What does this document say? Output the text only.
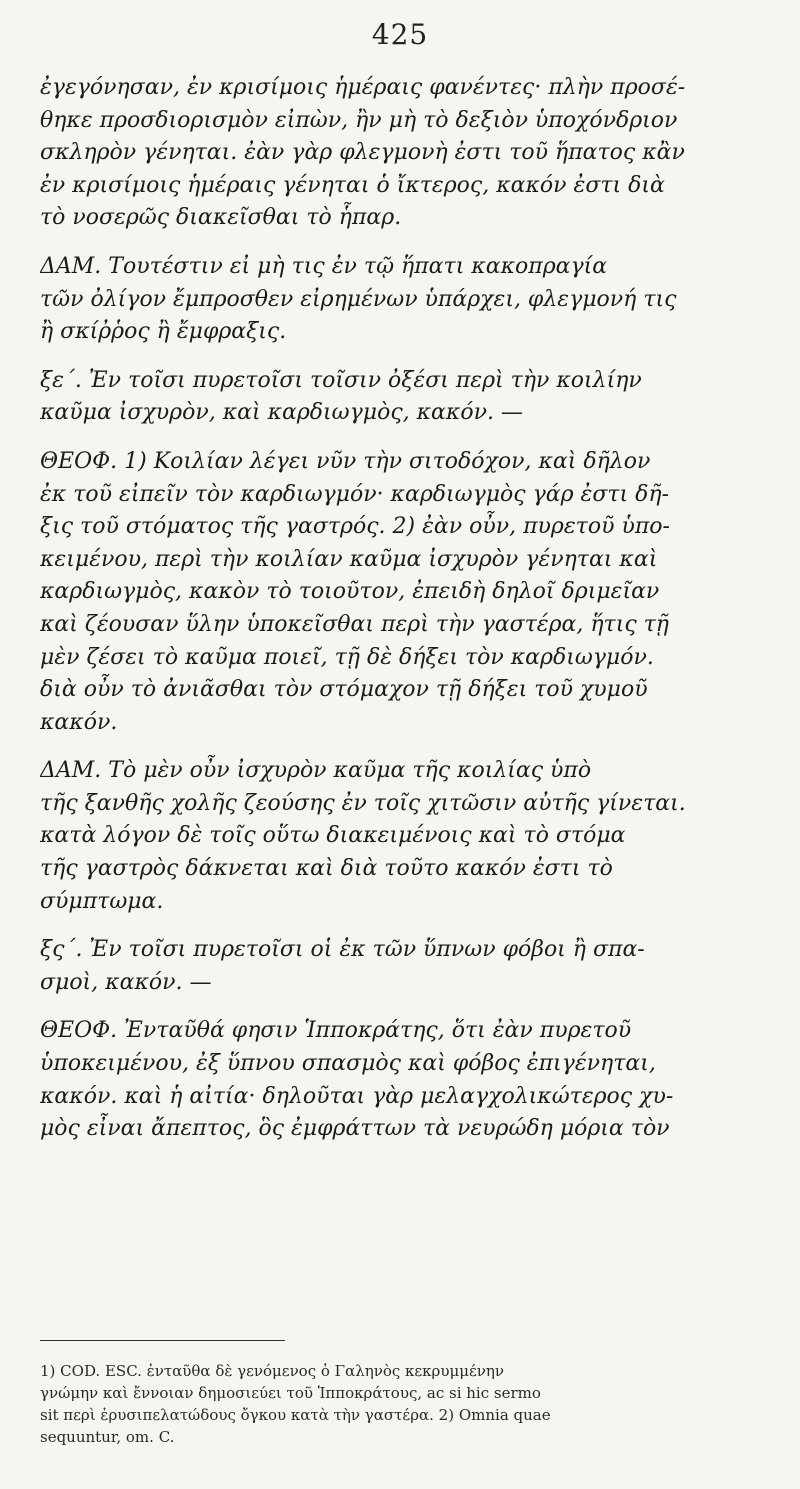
425
ἐγεγόνησαν, ἐν κρισίμοις ἡμέραις φανέντες· πλὴν προσέ-
θηκε προσδιορισμὸν εἰπὼν, ἢν μὴ τὸ δεξιὸν ὑποχόνδριον
σκληρὸν γένηται. ἐὰν γὰρ φλεγμονὴ ἐστι τοῦ ἥπατος κἂν
ἐν κρισίμοις ἡμέραις γένηται ὁ ἴκτερος, κακόν ἐστι διὰ
τὸ νοσερῶς διακεῖσθαι τὸ ἧπαρ.
ΔΑΜ. Τουτέστιν εἰ μὴ τις ἐν τῷ ἥπατι κακοπραγία
τῶν ὀλίγον ἔμπροσθεν εἰρημένων ὑπάρχει, φλεγμονή τις
ἢ σκίῤῥος ἢ ἔμφραξις.
ξε΄. Ἐν τοῖσι πυρετοῖσι τοῖσιν ὀξέσι περὶ τὴν κοιλίην
καῦμα ἰσχυρὸν, καὶ καρδιωγμὸς, κακόν. —
ΘΕΟΦ. 1) Κοιλίαν λέγει νῦν τὴν σιτοδόχον, καὶ δῆλον
ἐκ τοῦ εἰπεῖν τὸν καρδιωγμόν· καρδιωγμὸς γάρ ἐστι δῆ-
ξις τοῦ στόματος τῆς γαστρός. 2) ἐὰν οὖν, πυρετοῦ ὑπο-
κειμένου, περὶ τὴν κοιλίαν καῦμα ἰσχυρὸν γένηται καὶ
καρδιωγμὸς, κακὸν τὸ τοιοῦτον, ἐπειδὴ δηλοῖ δριμεῖαν
καὶ ζέουσαν ὕλην ὑποκεῖσθαι περὶ τὴν γαστέρα, ἥτις τῇ
μὲν ζέσει τὸ καῦμα ποιεῖ, τῇ δὲ δήξει τὸν καρδιωγμόν.
διὰ οὖν τὸ ἀνιᾶσθαι τὸν στόμαχον τῇ δήξει τοῦ χυμοῦ
κακόν.
ΔΑΜ. Τὸ μὲν οὖν ἰσχυρὸν καῦμα τῆς κοιλίας ὑπὸ
τῆς ξανθῆς χολῆς ζεούσης ἐν τοῖς χιτῶσιν αὐτῆς γίνεται.
κατὰ λόγον δὲ τοῖς οὕτω διακειμένοις καὶ τὸ στόμα
τῆς γαστρὸς δάκνεται καὶ διὰ τοῦτο κακόν ἐστι τὸ
σύμπτωμα.
ξς΄. Ἐν τοῖσι πυρετοῖσι οἱ ἐκ τῶν ὕπνων φόβοι ἢ σπα-
σμοὶ, κακόν. —
ΘΕΟΦ. Ἐνταῦθά φησιν Ἱπποκράτης, ὅτι ἐὰν πυρετοῦ
ὑποκειμένου, ἐξ ὕπνου σπασμὸς καὶ φόβος ἐπιγένηται,
κακόν. καὶ ἡ αἰτία· δηλοῦται γὰρ μελαγχολικώτερος χυ-
μὸς εἶναι ἄπεπτος, ὃς ἐμφράττων τὰ νευρώδη μόρια τὸν
1) COD. ESC. ἐνταῦθα δὲ γενόμενος ὁ Γαληνὸς κεκρυμμένην
γνώμην καὶ ἔννοιαν δημοσιεύει τοῦ Ἱπποκράτους, ac si hic sermo
sit περὶ ἐρυσιπελατώδους ὄγκου κατὰ τὴν γαστέρα. 2) Omnia quae
sequuntur, om. C.
